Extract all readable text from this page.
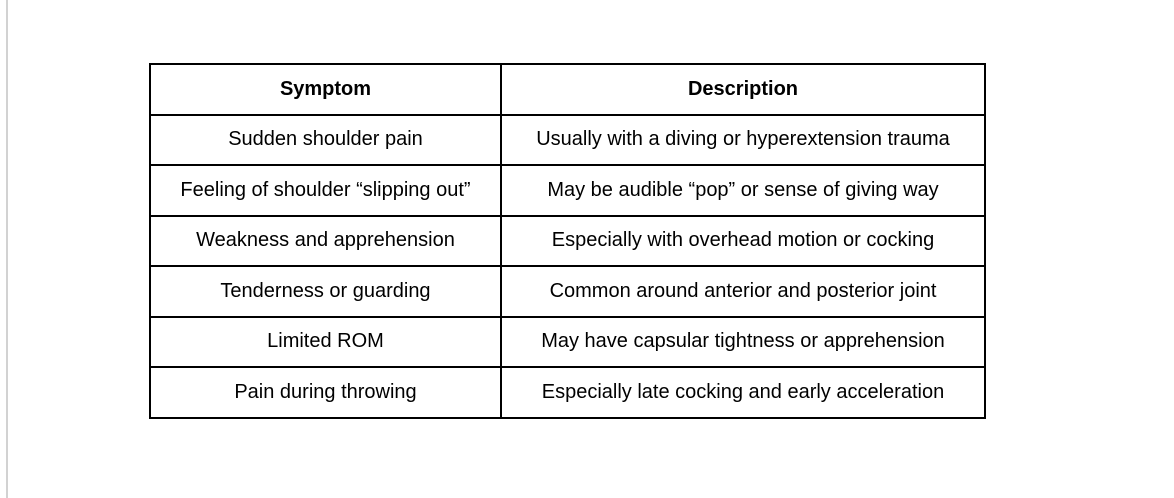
Symptom	Description
Sudden shoulder pain	Usually with a diving or hyperextension trauma
Feeling of shoulder “slipping out”	May be audible “pop” or sense of giving way
Weakness and apprehension	Especially with overhead motion or cocking
Tenderness or guarding	Common around anterior and posterior joint
Limited ROM	May have capsular tightness or apprehension
Pain during throwing	Especially late cocking and early acceleration
